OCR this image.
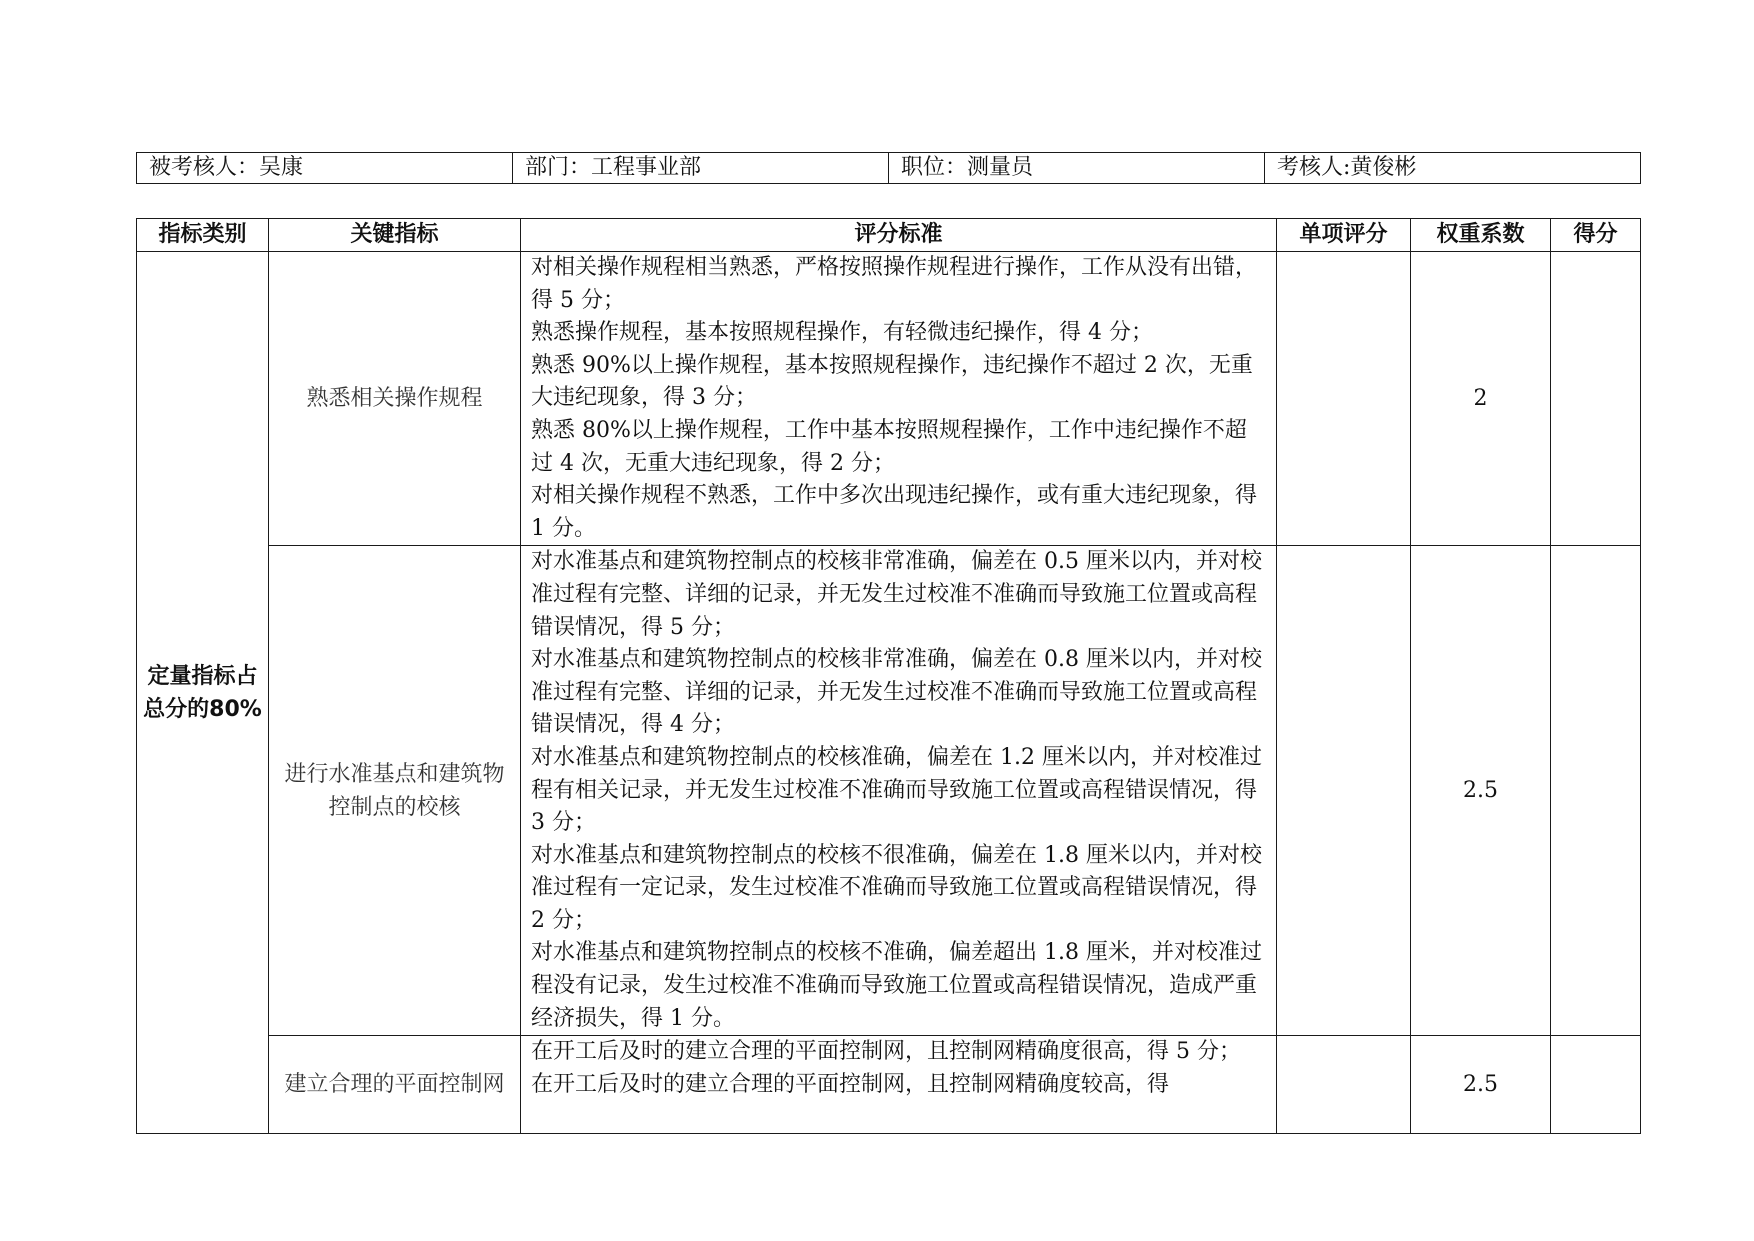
被考核人：吴康	部门：工程事业部	职位：测量员	考核人:黄俊彬
指标类别	关键指标	评分标准	单项评分	权重系数	得分
定量指标占总分的80%	熟悉相关操作规程	对相关操作规程相当熟悉，严格按照操作规程进行操作，工作从没有出错，得 5 分；
熟悉操作规程，基本按照规程操作，有轻微违纪操作，得 4 分；
熟悉 90%以上操作规程，基本按照规程操作，违纪操作不超过 2 次，无重大违纪现象，得 3 分；
熟悉 80%以上操作规程，工作中基本按照规程操作，工作中违纪操作不超过 4 次，无重大违纪现象，得 2 分；
对相关操作规程不熟悉，工作中多次出现违纪操作，或有重大违纪现象，得 1 分。		2	
	进行水准基点和建筑物控制点的校核	对水准基点和建筑物控制点的校核非常准确，偏差在 0.5 厘米以内，并对校准过程有完整、详细的记录，并无发生过校准不准确而导致施工位置或高程错误情况，得 5 分；
对水准基点和建筑物控制点的校核非常准确，偏差在 0.8 厘米以内，并对校准过程有完整、详细的记录，并无发生过校准不准确而导致施工位置或高程错误情况，得 4 分；
对水准基点和建筑物控制点的校核准确，偏差在 1.2 厘米以内，并对校准过程有相关记录，并无发生过校准不准确而导致施工位置或高程错误情况，得 3 分；
对水准基点和建筑物控制点的校核不很准确，偏差在 1.8 厘米以内，并对校准过程有一定记录，发生过校准不准确而导致施工位置或高程错误情况，得 2 分；
对水准基点和建筑物控制点的校核不准确，偏差超出 1.8 厘米，并对校准过程没有记录，发生过校准不准确而导致施工位置或高程错误情况，造成严重经济损失，得 1 分。		2.5	
	建立合理的平面控制网	在开工后及时的建立合理的平面控制网，且控制网精确度很高，得 5 分；
在开工后及时的建立合理的平面控制网，且控制网精确度较高，得		2.5	
